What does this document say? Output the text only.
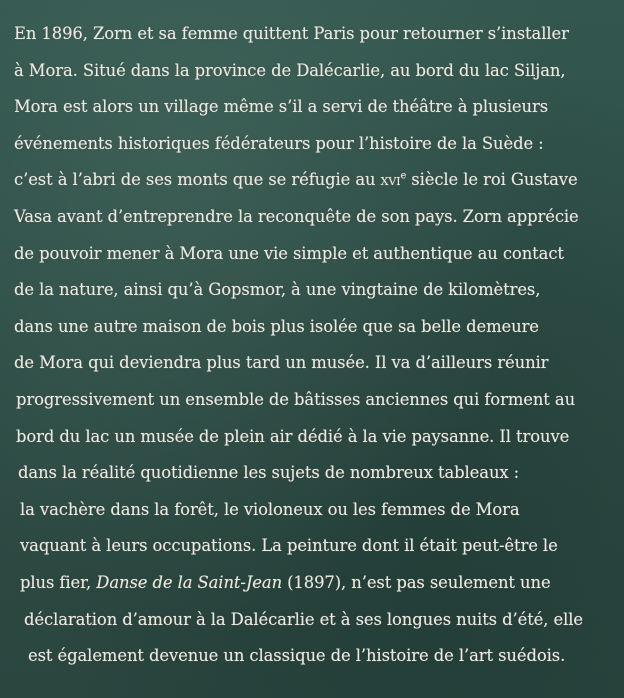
En 1896, Zorn et sa femme quittent Paris pour retourner s’installer
à Mora. Situé dans la province de Dalécarlie, au bord du lac Siljan,
Mora est alors un village même s’il a servi de théâtre à plusieurs
événements historiques fédérateurs pour l’histoire de la Suède :
c’est à l’abri de ses monts que se réfugie au xvi$^e$ siècle le roi Gustave
Vasa avant d’entreprendre la reconquête de son pays. Zorn apprécie
de pouvoir mener à Mora une vie simple et authentique au contact
de la nature, ainsi qu’à Gopsmor, à une vingtaine de kilomètres,
dans une autre maison de bois plus isolée que sa belle demeure
de Mora qui deviendra plus tard un musée. Il va d’ailleurs réunir
progressivement un ensemble de bâtisses anciennes qui forment au
bord du lac un musée de plein air dédié à la vie paysanne. Il trouve
dans la réalité quotidienne les sujets de nombreux tableaux :
la vachère dans la forêt, le violoneux ou les femmes de Mora
vaquant à leurs occupations. La peinture dont il était peut-être le
plus fier, Danse de la Saint-Jean (1897), n’est pas seulement une
déclaration d’amour à la Dalécarlie et à ses longues nuits d’été, elle
est également devenue un classique de l’histoire de l’art suédois.
